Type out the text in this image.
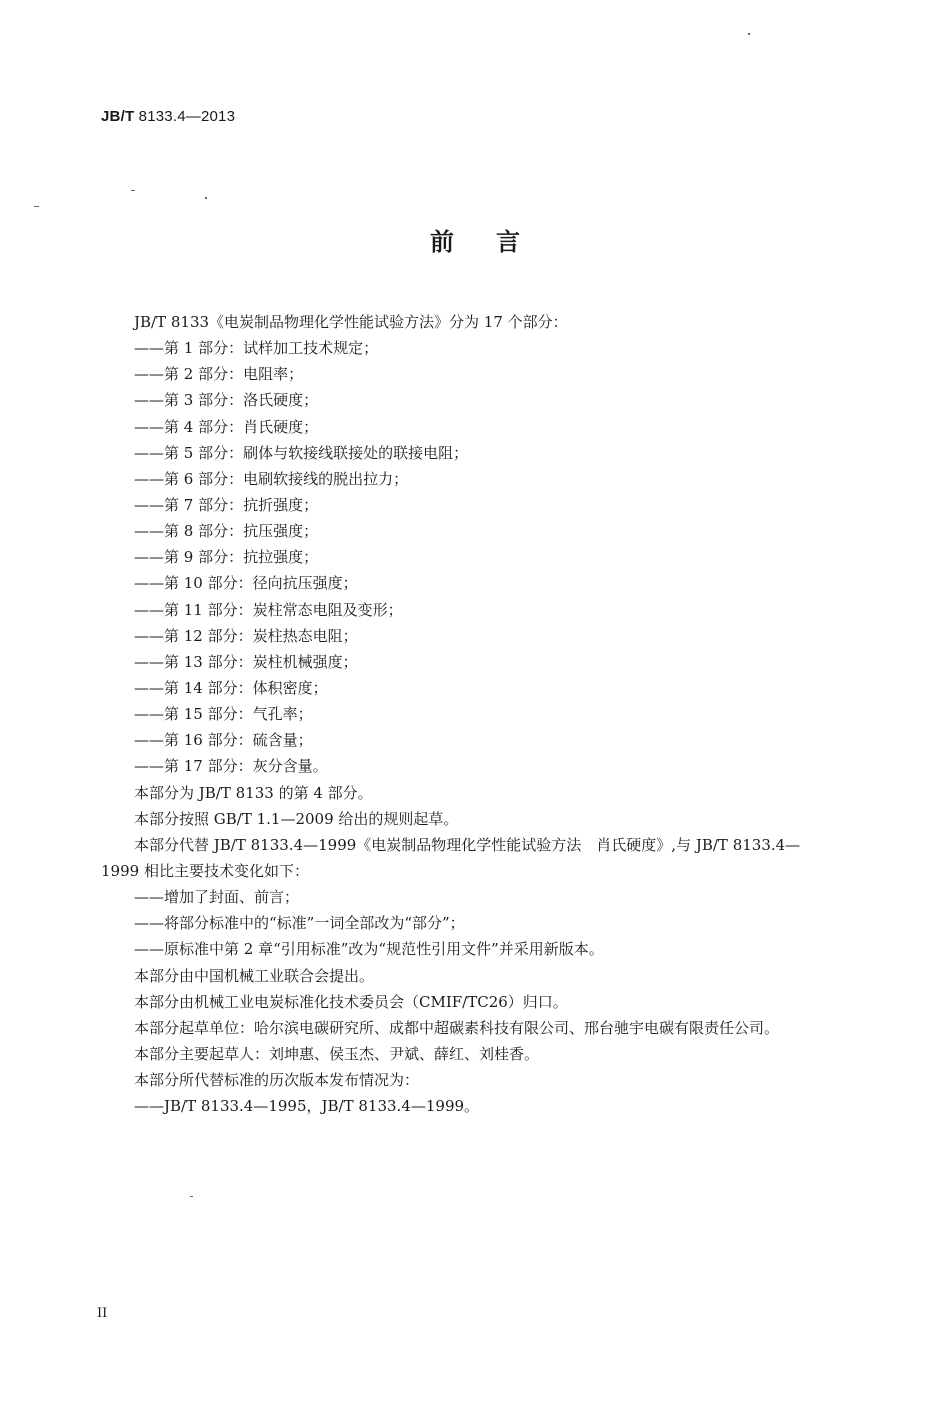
JB/T 8133.4—2013
前言
JB/T 8133《电炭制品物理化学性能试验方法》分为 17 个部分：
——第 1 部分：试样加工技术规定；
——第 2 部分：电阻率；
——第 3 部分：洛氏硬度；
——第 4 部分：肖氏硬度；
——第 5 部分：刷体与软接线联接处的联接电阻；
——第 6 部分：电刷软接线的脱出拉力；
——第 7 部分：抗折强度；
——第 8 部分：抗压强度；
——第 9 部分：抗拉强度；
——第 10 部分：径向抗压强度；
——第 11 部分：炭柱常态电阻及变形；
——第 12 部分：炭柱热态电阻；
——第 13 部分：炭柱机械强度；
——第 14 部分：体积密度；
——第 15 部分：气孔率；
——第 16 部分：硫含量；
——第 17 部分：灰分含量。
本部分为 JB/T 8133 的第 4 部分。
本部分按照 GB/T 1.1—2009 给出的规则起草。
本部分代替 JB/T 8133.4—1999《电炭制品物理化学性能试验方法　肖氏硬度》,与 JB/T 8133.4—
1999 相比主要技术变化如下：
——增加了封面、前言；
——将部分标准中的“标准”一词全部改为“部分”；
——原标准中第 2 章“引用标准”改为“规范性引用文件”并采用新版本。
本部分由中国机械工业联合会提出。
本部分由机械工业电炭标准化技术委员会（CMIF/TC26）归口。
本部分起草单位：哈尔滨电碳研究所、成都中超碳素科技有限公司、邢台驰宇电碳有限责任公司。
本部分主要起草人：刘坤惠、侯玉杰、尹斌、薛红、刘桂香。
本部分所代替标准的历次版本发布情况为：
——JB/T 8133.4—1995，JB/T 8133.4—1999。
II
